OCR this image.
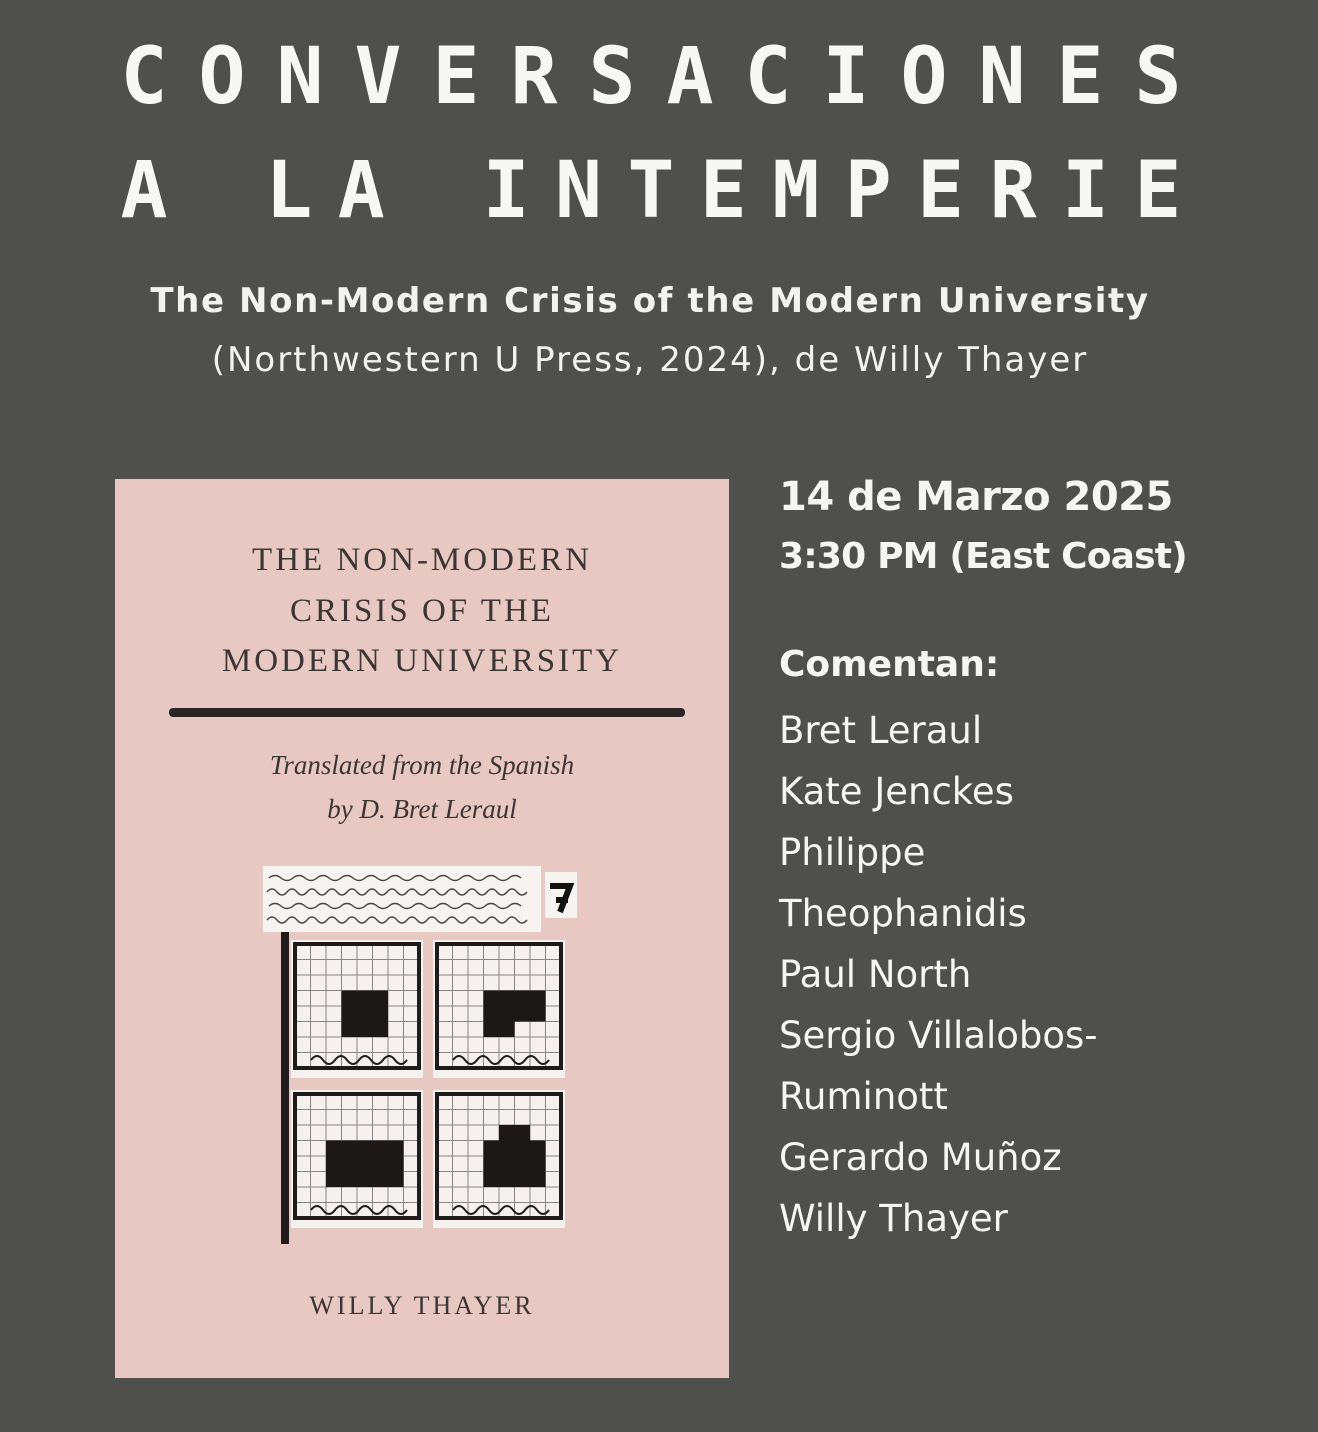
C O N V E R S A C I O N E S
A
L A
I N T E M P E R I E
The Non-Modern Crisis of the Modern University
(Northwestern U Press, 2024), de Willy Thayer
THE NON-MODERN
CRISIS OF THE
MODERN UNIVERSITY
Translated from the Spanish
by D. Bret Leraul
WILLY THAYER
14 de Marzo 2025
3:30 PM (East Coast)
Comentan:
Bret Leraul
Kate Jenckes
Philippe
Theophanidis
Paul North
Sergio Villalobos-
Ruminott
Gerardo Muñoz
Willy Thayer
